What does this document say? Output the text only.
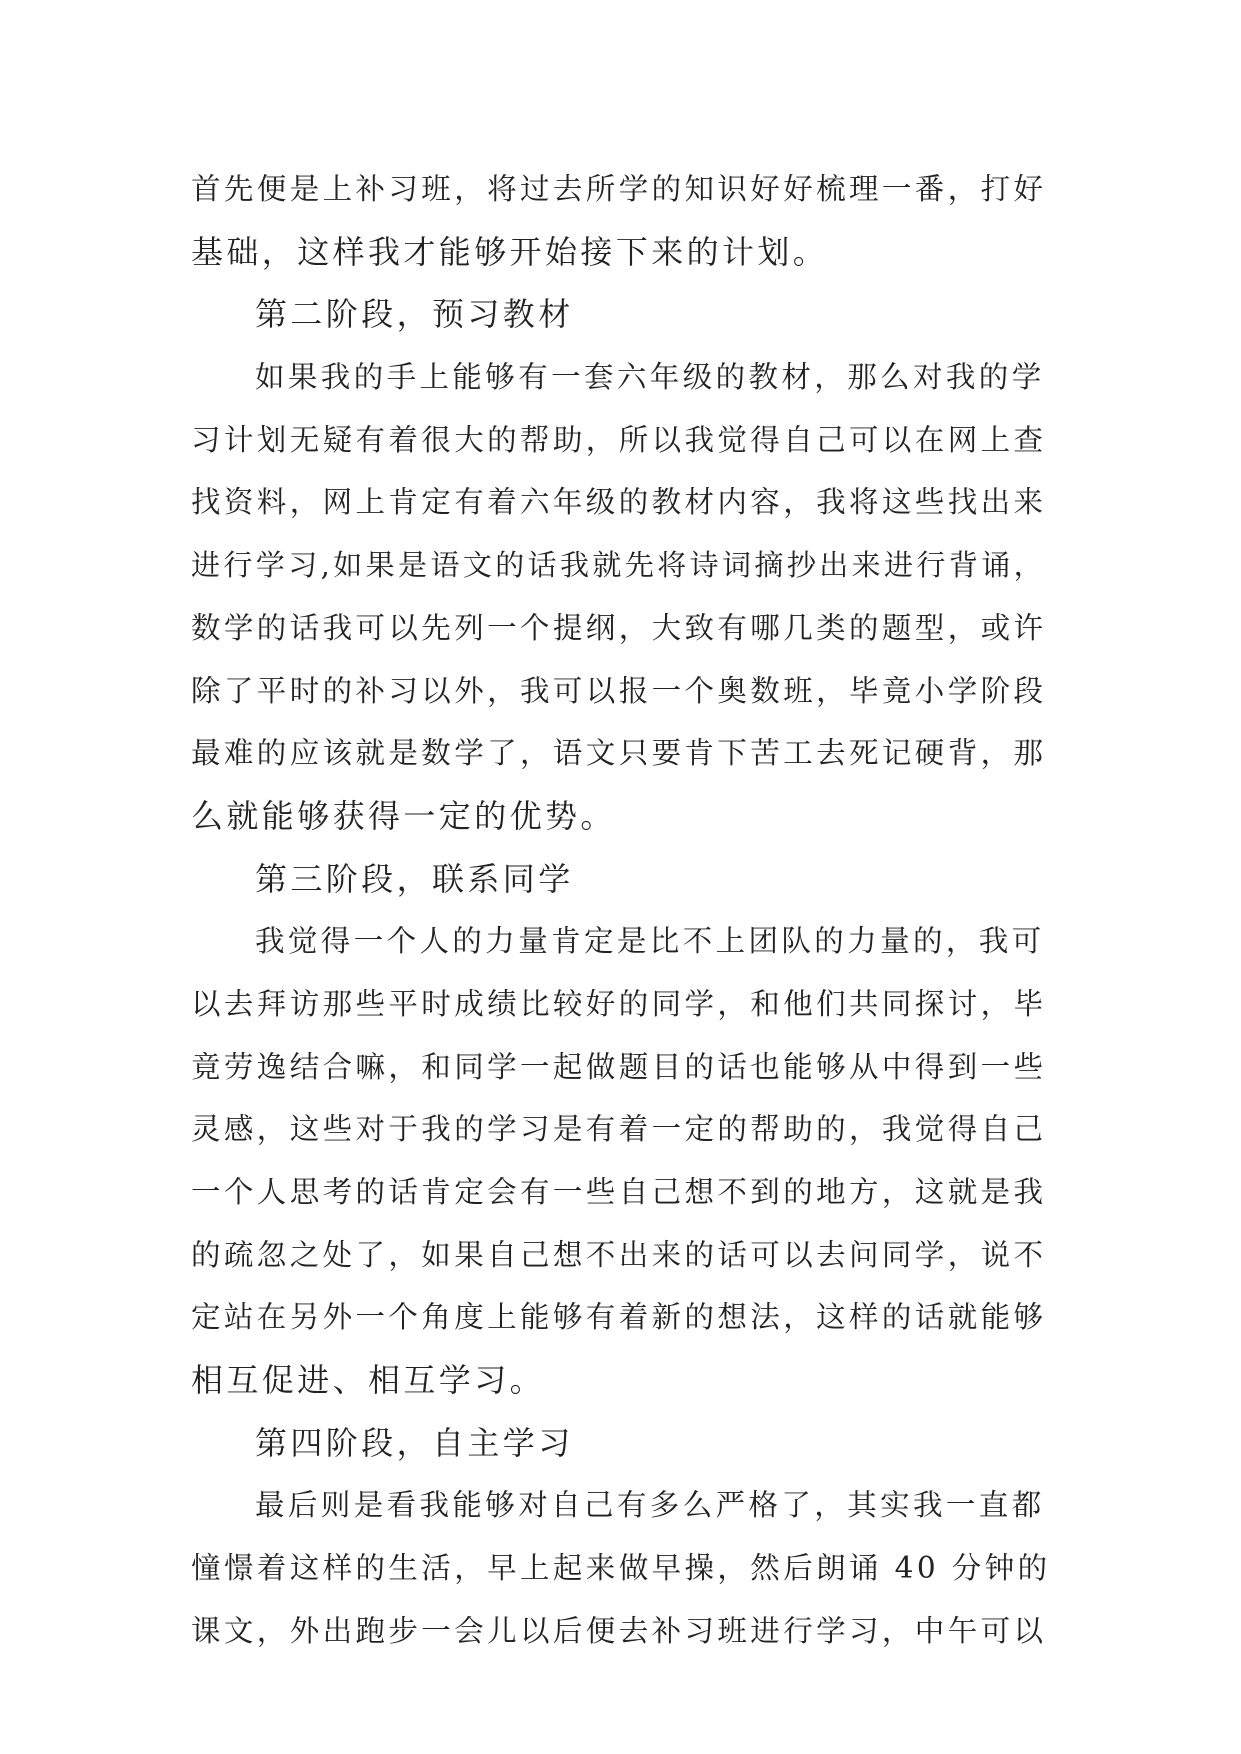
首先便是上补习班，将过去所学的知识好好梳理一番，打好
基础，这样我才能够开始接下来的计划。
第二阶段，预习教材
如果我的手上能够有一套六年级的教材，那么对我的学
习计划无疑有着很大的帮助，所以我觉得自己可以在网上查
找资料，网上肯定有着六年级的教材内容，我将这些找出来
进行学习,如果是语文的话我就先将诗词摘抄出来进行背诵，
数学的话我可以先列一个提纲，大致有哪几类的题型，或许
除了平时的补习以外，我可以报一个奥数班，毕竟小学阶段
最难的应该就是数学了，语文只要肯下苦工去死记硬背，那
么就能够获得一定的优势。
第三阶段，联系同学
我觉得一个人的力量肯定是比不上团队的力量的，我可
以去拜访那些平时成绩比较好的同学，和他们共同探讨，毕
竟劳逸结合嘛，和同学一起做题目的话也能够从中得到一些
灵感，这些对于我的学习是有着一定的帮助的，我觉得自己
一个人思考的话肯定会有一些自己想不到的地方，这就是我
的疏忽之处了，如果自己想不出来的话可以去问同学，说不
定站在另外一个角度上能够有着新的想法，这样的话就能够
相互促进、相互学习。
第四阶段，自主学习
最后则是看我能够对自己有多么严格了，其实我一直都
憧憬着这样的生活，早上起来做早操，然后朗诵 40 分钟的
课文，外出跑步一会儿以后便去补习班进行学习，中午可以
